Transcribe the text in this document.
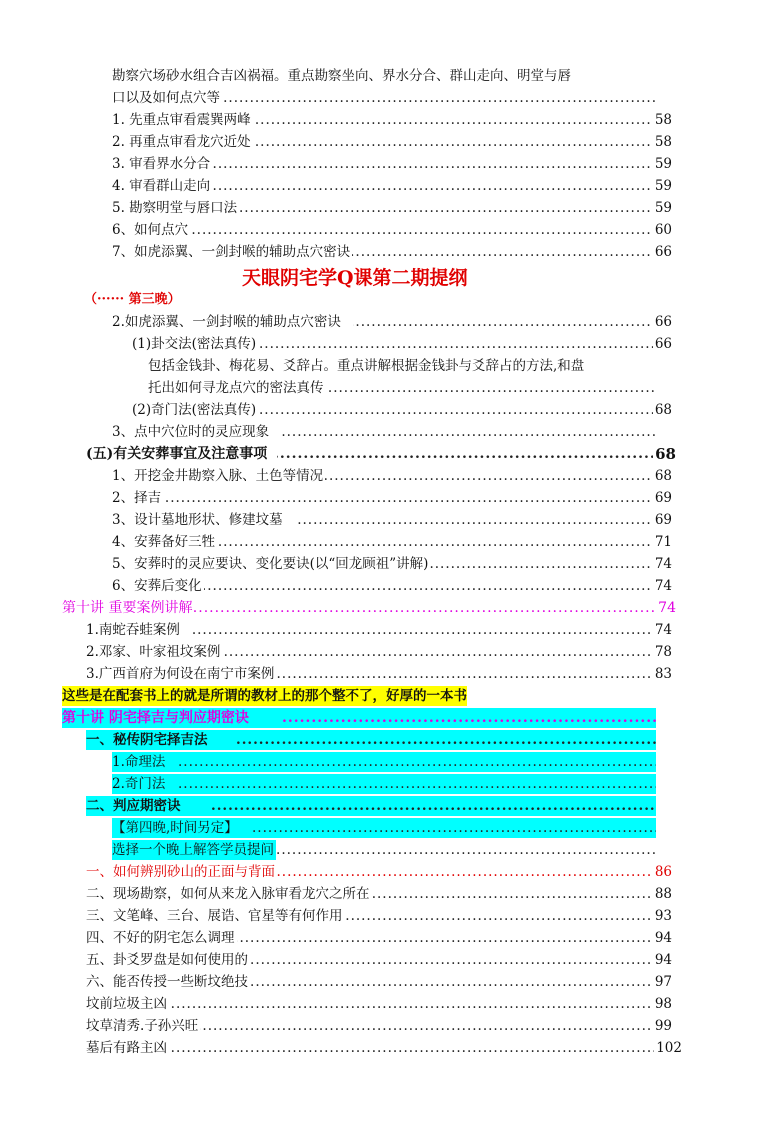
勘察穴场砂水组合吉凶祸福。重点勘察坐向、界水分合、群山走向、明堂与唇
.....
口以及如何点穴等
.....
1. 先重点审看震巽两峰	58
.....
2. 再重点审看龙穴近处	58
.....
3. 审看界水分合	59
.....
4. 审看群山走向	59
.....
5. 勘察明堂与唇口法	59
.....
6、如何点穴	60
.....
7、如虎添翼、一剑封喉的辅助点穴密诀	66
天眼阴宅学Q课第二期提纲
（······ 第三晚）
.....
2.如虎添翼、一剑封喉的辅助点穴密诀	66
.....
(1)卦交法(密法真传)	66
包括金钱卦、梅花易、爻辞占。重点讲解根据金钱卦与爻辞占的方法,和盘
.....
托出如何寻龙点穴的密法真传
.....
(2)奇门法(密法真传)	68
.....
3、点中穴位时的灵应现象
.....
(五)有关安葬事宜及注意事项	68
.....
1、开挖金井勘察入脉、土色等情况	68
.....
2、择吉	69
.....
3、设计墓地形状、修建坟墓	69
.....
4、安葬备好三牲	71
.....
5、安葬时的灵应要诀、变化要诀(以“回龙顾祖”讲解)	74
.....
6、安葬后变化	74
.....
第十讲 重要案例讲解	74
.....
1.南蛇吞蛙案例	74
.....
2.邓家、叶家祖坟案例	78
.....
3.广西首府为何设在南宁市案例	83
这些是在配套书上的就是所谓的教材上的那个整不了，好厚的一本书
.....
第十讲 阴宅择吉与判应期密诀
.....
一、秘传阴宅择吉法
.....
1.命理法
.....
2.奇门法
.....
二、判应期密诀
.....
【第四晚,时间另定】
.....
选择一个晚上解答学员提问
.....
一、如何辨别砂山的正面与背面	86
.....
二、现场勘察，如何从来龙入脉审看龙穴之所在	88
.....
三、文笔峰、三台、展诰、官星等有何作用	93
.....
四、不好的阴宅怎么调理	94
.....
五、卦爻罗盘是如何使用的	94
.....
六、能否传授一些断坟绝技	97
.....
坟前垃圾主凶	98
.....
坟草清秀.子孙兴旺	99
.....
墓后有路主凶	102
